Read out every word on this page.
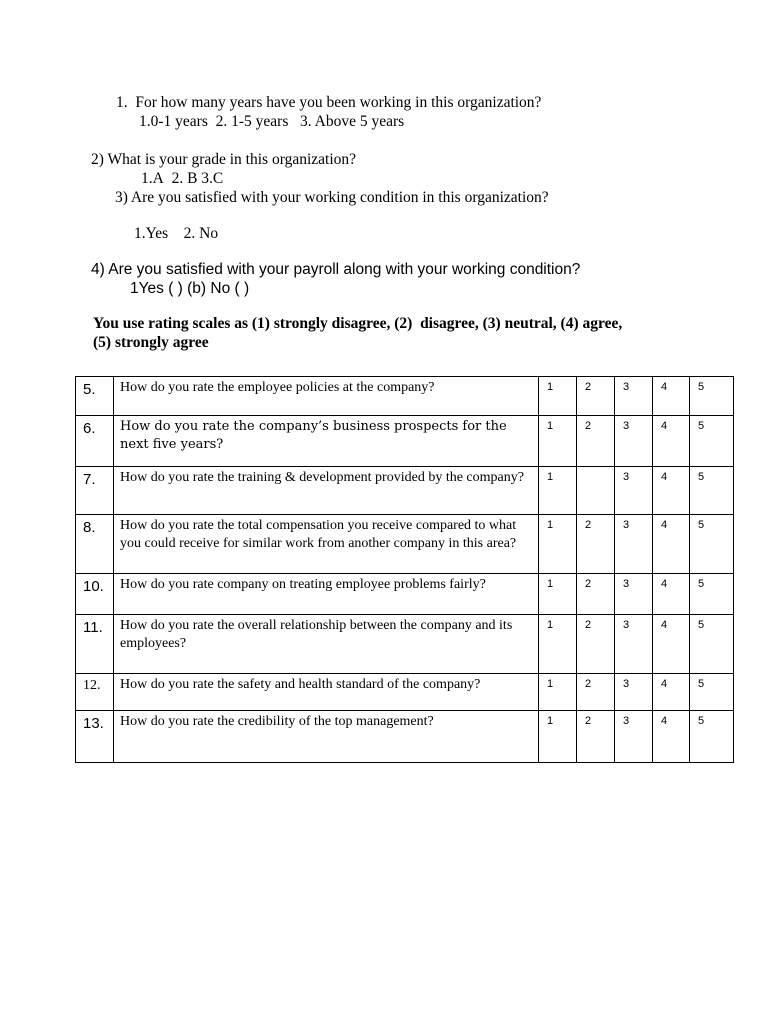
1.  For how many years have you been working in this organization?
1.0-1 years  2. 1-5 years   3. Above 5 years
2) What is your grade in this organization?
1.A  2. B 3.C
3) Are you satisfied with your working condition in this organization?
1.Yes    2. No
4) Are you satisfied with your payroll along with your working condition?
1Yes ( ) (b) No ( )
You use rating scales as (1) strongly disagree, (2)  disagree, (3) neutral, (4) agree,
(5) strongly agree
5.	How do you rate the employee policies at the company?	1	2	3	4	5
6.	How do you rate the company’s business prospects for the next five years?	1	2	3	4	5
7.	How do you rate the training & development provided by the company?	1		3	4	5
8.	How do you rate the total compensation you receive compared to what you could receive for similar work from another company in this area?	1	2	3	4	5
10.	How do you rate company on treating employee problems fairly?	1	2	3	4	5
11.	How do you rate the overall relationship between the company and its employees?	1	2	3	4	5
12.	How do you rate the safety and health standard of the company?	1	2	3	4	5
13.	How do you rate the credibility of the top management?	1	2	3	4	5
